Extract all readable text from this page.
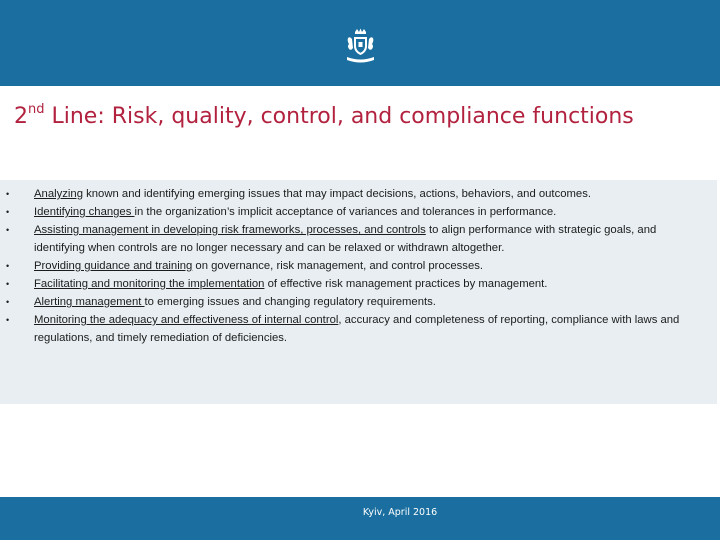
2nd Line: Risk, quality, control, and compliance functions
• Analyzing known and identifying emerging issues that may impact decisions, actions, behaviors, and outcomes.
• Identifying changes in the organization’s implicit acceptance of variances and tolerances in performance.
• Assisting management in developing risk frameworks, processes, and controls to align performance with strategic goals, and identifying when controls are no longer necessary and can be relaxed or withdrawn altogether.
• Providing guidance and training on governance, risk management, and control processes.
• Facilitating and monitoring the implementation of effective risk management practices by management.
• Alerting management to emerging issues and changing regulatory requirements.
• Monitoring the adequacy and effectiveness of internal control, accuracy and completeness of reporting, compliance with laws and regulations, and timely remediation of deficiencies.
Kyiv, April 2016
